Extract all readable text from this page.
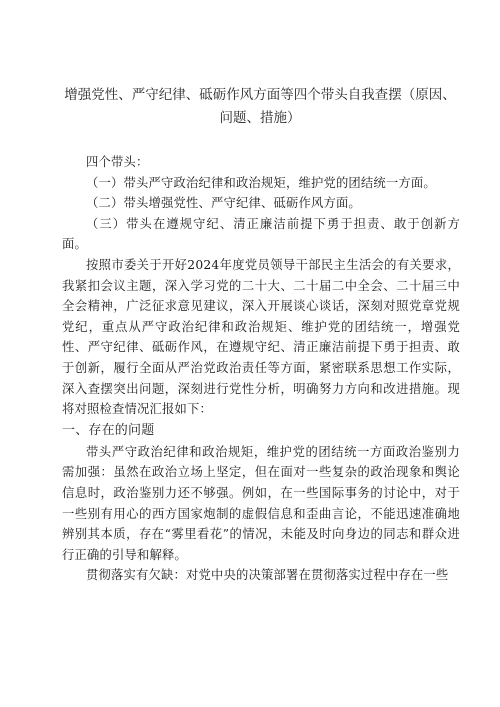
增强党性、严守纪律、砥砺作风方面等四个带头自我查摆（原因、
问题、措施）

四个带头：

（一）带头严守政治纪律和政治规矩，维护党的团结统一方面。

（二）带头增强党性、严守纪律、砥砺作风方面。

（三）带头在遵规守纪、清正廉洁前提下勇于担责、敢于创新方面。

按照市委关于开好2024年度党员领导干部民主生活会的有关要求，我紧扣会议主题，深入学习党的二十大、二十届二中全会、二十届三中全会精神，广泛征求意见建议，深入开展谈心谈话，深刻对照党章党规党纪，重点从严守政治纪律和政治规矩、维护党的团结统一，增强党性、严守纪律、砥砺作风，在遵规守纪、清正廉洁前提下勇于担责、敢于创新，履行全面从严治党政治责任等方面，紧密联系思想工作实际，深入查摆突出问题，深刻进行党性分析，明确努力方向和改进措施。现将对照检查情况汇报如下：

一、存在的问题

带头严守政治纪律和政治规矩，维护党的团结统一方面政治鉴别力需加强：虽然在政治立场上坚定，但在面对一些复杂的政治现象和舆论信息时，政治鉴别力还不够强。例如，在一些国际事务的讨论中，对于一些别有用心的西方国家炮制的虚假信息和歪曲言论，不能迅速准确地辨别其本质，存在“雾里看花”的情况，未能及时向身边的同志和群众进行正确的引导和解释。

贯彻落实有欠缺：对党中央的决策部署在贯彻落实过程中存在一些
